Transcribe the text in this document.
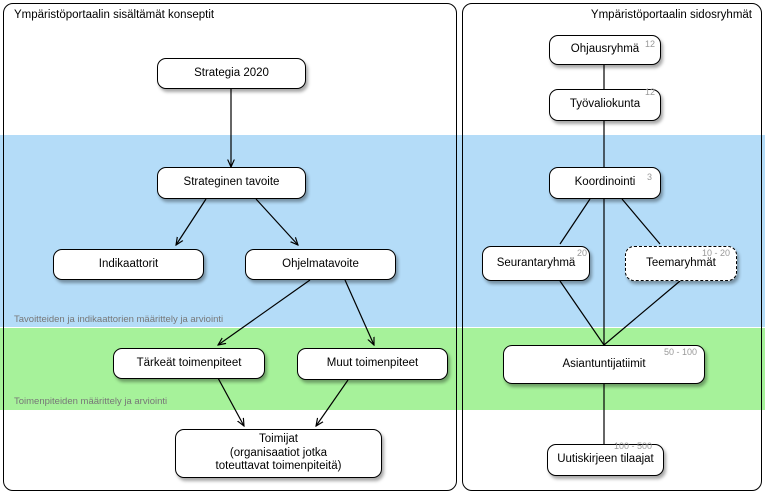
Ympäristöportaalin sisältämät konseptit	Ympäristöportaalin sidosryhmät
Tavoitteiden ja indikaattorien määrittely ja arviointi
Toimenpiteiden määrittely ja arviointi
Strategia 2020
Strateginen tavoite
Indikaattorit	Ohjelmatavoite
Tärkeät toimenpiteet	Muut toimenpiteet
Toimijat
(organisaatiot jotka
toteuttavat toimenpiteitä)
Ohjausryhmä 12
Työvaliokunta
12
Koordinointi 3
Seurantaryhmä
20
Teemaryhmät
10 - 20
Asiantuntijatiimit
50 - 100
Uutiskirjeen tilaajat
100 - 500
